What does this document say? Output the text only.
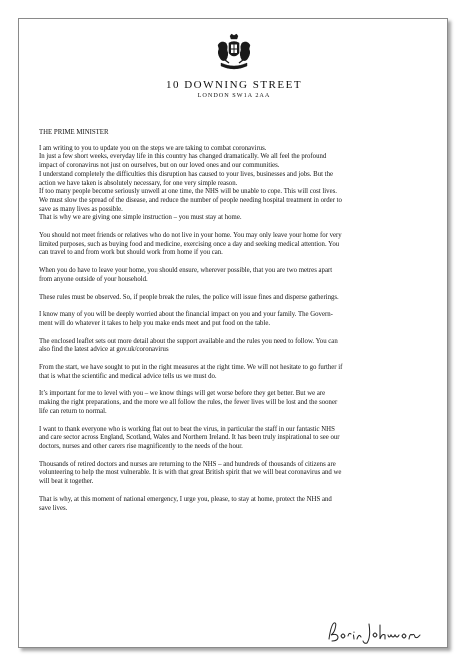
10 DOWNING STREET
LONDON SW1A 2AA

THE PRIME MINISTER

I am writing to you to update you on the steps we are taking to combat coronavirus.
In just a few short weeks, everyday life in this country has changed dramatically. We all feel the profound
impact of coronavirus not just on ourselves, but on our loved ones and our communities.
I understand completely the difficulties this disruption has caused to your lives, businesses and jobs. But the
action we have taken is absolutely necessary, for one very simple reason.
If too many people become seriously unwell at one time, the NHS will be unable to cope. This will cost lives.
We must slow the spread of the disease, and reduce the number of people needing hospital treatment in order to
save as many lives as possible.
That is why we are giving one simple instruction – you must stay at home.

You should not meet friends or relatives who do not live in your home. You may only leave your home for very
limited purposes, such as buying food and medicine, exercising once a day and seeking medical attention. You
can travel to and from work but should work from home if you can.

When you do have to leave your home, you should ensure, wherever possible, that you are two metres apart
from anyone outside of your household.

These rules must be observed. So, if people break the rules, the police will issue fines and disperse gatherings.

I know many of you will be deeply worried about the financial impact on you and your family. The Govern-
ment will do whatever it takes to help you make ends meet and put food on the table.

The enclosed leaflet sets out more detail about the support available and the rules you need to follow. You can
also find the latest advice at gov.uk/coronavirus

From the start, we have sought to put in the right measures at the right time. We will not hesitate to go further if
that is what the scientific and medical advice tells us we must do.

It’s important for me to level with you – we know things will get worse before they get better. But we are
making the right preparations, and the more we all follow the rules, the fewer lives will be lost and the sooner
life can return to normal.

I want to thank everyone who is working flat out to beat the virus, in particular the staff in our fantastic NHS
and care sector across England, Scotland, Wales and Northern Ireland. It has been truly inspirational to see our
doctors, nurses and other carers rise magnificently to the needs of the hour.

Thousands of retired doctors and nurses are returning to the NHS – and hundreds of thousands of citizens are
volunteering to help the most vulnerable. It is with that great British spirit that we will beat coronavirus and we
will beat it together.

That is why, at this moment of national emergency, I urge you, please, to stay at home, protect the NHS and
save lives.
